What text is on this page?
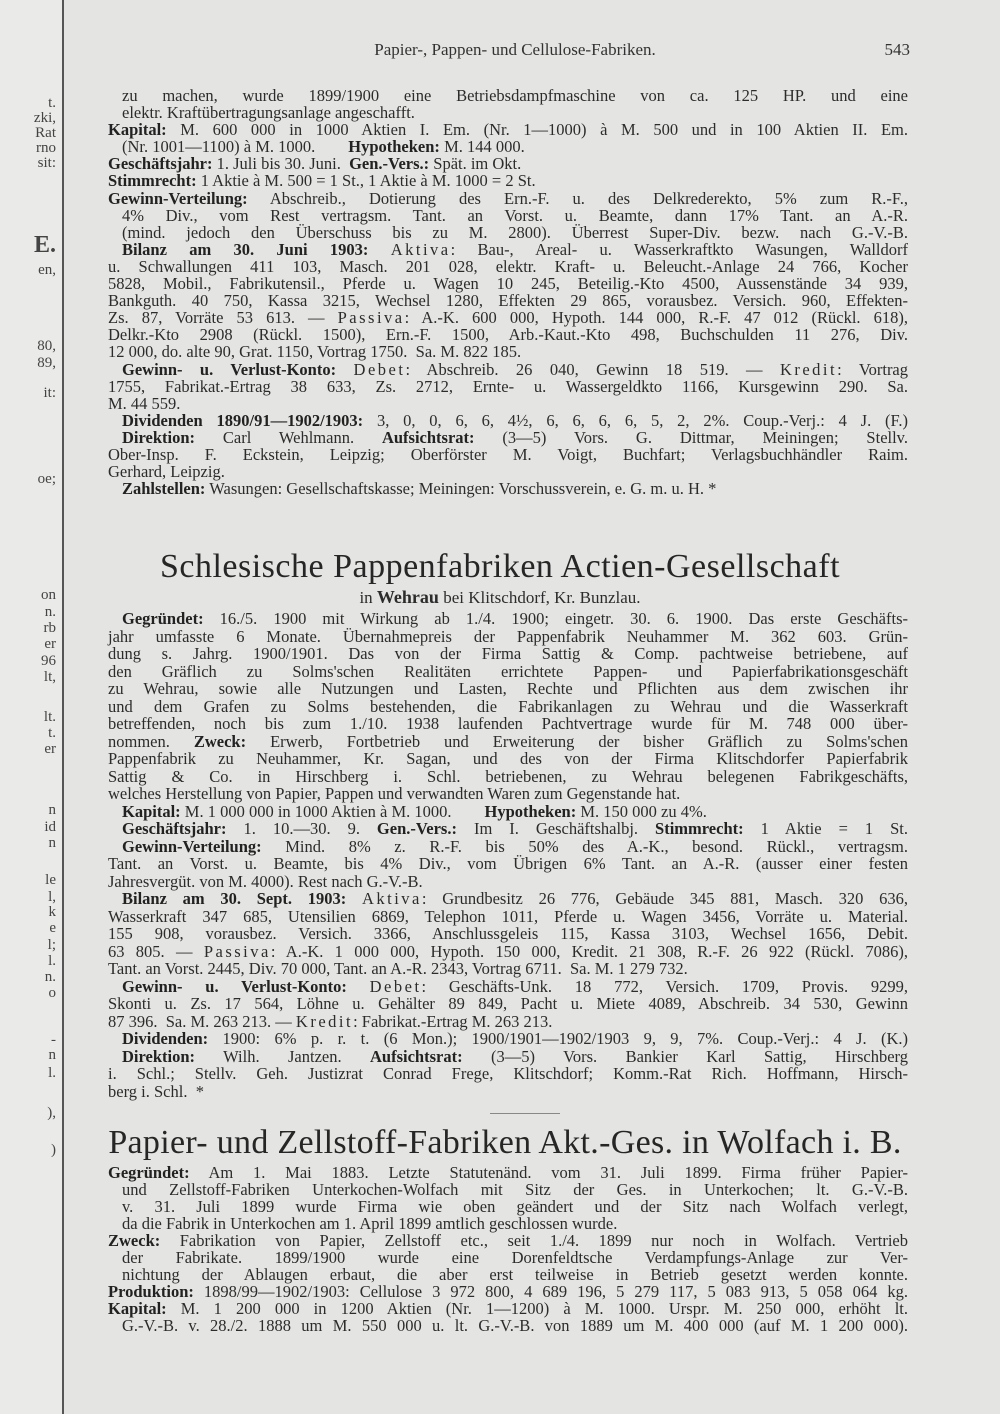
t.
zki,
Rat
rno
sit:
E.
en,
80,
89,
it:
oe;
on
n.
rb
er
96
lt,
lt.
t.
er
n
id
n
le
l,
k
e
l;
l.
n.
o
-
n
l.
),
)
Papier-, Pappen- und Cellulose-Fabriken.	543
zu machen, wurde 1899/1900 eine Betriebsdampfmaschine von ca. 125 HP. und eine
elektr. Kraftübertragungsanlage angeschafft.
Kapital: M. 600 000 in 1000 Aktien I. Em. (Nr. 1—1000) à M. 500 und in 100 Aktien II. Em.
(Nr. 1001—1100) à M. 1000.        Hypotheken: M. 144 000.
Geschäftsjahr: 1. Juli bis 30. Juni.  Gen.-Vers.: Spät. im Okt.
Stimmrecht: 1 Aktie à M. 500 = 1 St., 1 Aktie à M. 1000 = 2 St.
Gewinn-Verteilung: Abschreib., Dotierung des Ern.-F. u. des Delkrederekto, 5% zum R.-F.,
4% Div., vom Rest vertragsm. Tant. an Vorst. u. Beamte, dann 17% Tant. an A.-R.
(mind. jedoch den Überschuss bis zu M. 2800). Überrest Super-Div. bezw. nach G.-V.-B.
Bilanz am 30. Juni 1903: Aktiva: Bau-, Areal- u. Wasserkraftkto Wasungen, Walldorf
u. Schwallungen 411 103, Masch. 201 028, elektr. Kraft- u. Beleucht.-Anlage 24 766, Kocher
5828, Mobil., Fabrikutensil., Pferde u. Wagen 10 245, Beteilig.-Kto 4500, Aussenstände 34 939,
Bankguth. 40 750, Kassa 3215, Wechsel 1280, Effekten 29 865, vorausbez. Versich. 960, Effekten-
Zs. 87, Vorräte 53 613. — Passiva: A.-K. 600 000, Hypoth. 144 000, R.-F. 47 012 (Rückl. 618),
Delkr.-Kto 2908 (Rückl. 1500), Ern.-F. 1500, Arb.-Kaut.-Kto 498, Buchschulden 11 276, Div.
12 000, do. alte 90, Grat. 1150, Vortrag 1750.  Sa. M. 822 185.
Gewinn- u. Verlust-Konto: Debet: Abschreib. 26 040, Gewinn 18 519. — Kredit: Vortrag
1755, Fabrikat.-Ertrag 38 633, Zs. 2712, Ernte- u. Wassergeldkto 1166, Kursgewinn 290. Sa.
M. 44 559.
Dividenden 1890/91—1902/1903: 3, 0, 0, 6, 6, 4½, 6, 6, 6, 6, 5, 2, 2%. Coup.-Verj.: 4 J. (F.)
Direktion: Carl Wehlmann. Aufsichtsrat: (3—5) Vors. G. Dittmar, Meiningen; Stellv.
Ober-Insp. F. Eckstein, Leipzig; Oberförster M. Voigt, Buchfart; Verlagsbuchhändler Raim.
Gerhard, Leipzig.
Zahlstellen: Wasungen: Gesellschaftskasse; Meiningen: Vorschussverein, e. G. m. u. H. *
Schlesische Pappenfabriken Actien-Gesellschaft
in Wehrau bei Klitschdorf, Kr. Bunzlau.
Gegründet: 16./5. 1900 mit Wirkung ab 1./4. 1900; eingetr. 30. 6. 1900. Das erste Geschäfts-
jahr umfasste 6 Monate. Übernahmepreis der Pappenfabrik Neuhammer M. 362 603. Grün-
dung s. Jahrg. 1900/1901. Das von der Firma Sattig & Comp. pachtweise betriebene, auf
den Gräflich zu Solms'schen Realitäten errichtete Pappen- und Papierfabrikationsgeschäft
zu Wehrau, sowie alle Nutzungen und Lasten, Rechte und Pflichten aus dem zwischen ihr
und dem Grafen zu Solms bestehenden, die Fabrikanlagen zu Wehrau und die Wasserkraft
betreffenden, noch bis zum 1./10. 1938 laufenden Pachtvertrage wurde für M. 748 000 über-
nommen. Zweck: Erwerb, Fortbetrieb und Erweiterung der bisher Gräflich zu Solms'schen
Pappenfabrik zu Neuhammer, Kr. Sagan, und des von der Firma Klitschdorfer Papierfabrik
Sattig & Co. in Hirschberg i. Schl. betriebenen, zu Wehrau belegenen Fabrikgeschäfts,
welches Herstellung von Papier, Pappen und verwandten Waren zum Gegenstande hat.
Kapital: M. 1 000 000 in 1000 Aktien à M. 1000.        Hypotheken: M. 150 000 zu 4%.
Geschäftsjahr: 1. 10.—30. 9. Gen.-Vers.: Im I. Geschäftshalbj. Stimmrecht: 1 Aktie = 1 St.
Gewinn-Verteilung: Mind. 8% z. R.-F. bis 50% des A.-K., besond. Rückl., vertragsm.
Tant. an Vorst. u. Beamte, bis 4% Div., vom Übrigen 6% Tant. an A.-R. (ausser einer festen
Jahresvergüt. von M. 4000). Rest nach G.-V.-B.
Bilanz am 30. Sept. 1903: Aktiva: Grundbesitz 26 776, Gebäude 345 881, Masch. 320 636,
Wasserkraft 347 685, Utensilien 6869, Telephon 1011, Pferde u. Wagen 3456, Vorräte u. Material.
155 908, vorausbez. Versich. 3366, Anschlussgeleis 115, Kassa 3103, Wechsel 1656, Debit.
63 805. — Passiva: A.-K. 1 000 000, Hypoth. 150 000, Kredit. 21 308, R.-F. 26 922 (Rückl. 7086),
Tant. an Vorst. 2445, Div. 70 000, Tant. an A.-R. 2343, Vortrag 6711.  Sa. M. 1 279 732.
Gewinn- u. Verlust-Konto: Debet: Geschäfts-Unk. 18 772, Versich. 1709, Provis. 9299,
Skonti u. Zs. 17 564, Löhne u. Gehälter 89 849, Pacht u. Miete 4089, Abschreib. 34 530, Gewinn
87 396.  Sa. M. 263 213. — Kredit: Fabrikat.-Ertrag M. 263 213.
Dividenden: 1900: 6% p. r. t. (6 Mon.); 1900/1901—1902/1903 9, 9, 7%. Coup.-Verj.: 4 J. (K.)
Direktion: Wilh. Jantzen. Aufsichtsrat: (3—5) Vors. Bankier Karl Sattig, Hirschberg
i. Schl.; Stellv. Geh. Justizrat Conrad Frege, Klitschdorf; Komm.-Rat Rich. Hoffmann, Hirsch-
berg i. Schl.  *
Papier- und Zellstoff-Fabriken Akt.-Ges. in Wolfach i. B.
Gegründet: Am 1. Mai 1883. Letzte Statutenänd. vom 31. Juli 1899. Firma früher Papier-
und Zellstoff-Fabriken Unterkochen-Wolfach mit Sitz der Ges. in Unterkochen; lt. G.-V.-B.
v. 31. Juli 1899 wurde Firma wie oben geändert und der Sitz nach Wolfach verlegt,
da die Fabrik in Unterkochen am 1. April 1899 amtlich geschlossen wurde.
Zweck: Fabrikation von Papier, Zellstoff etc., seit 1./4. 1899 nur noch in Wolfach. Vertrieb
der Fabrikate. 1899/1900 wurde eine Dorenfeldtsche Verdampfungs-Anlage zur Ver-
nichtung der Ablaugen erbaut, die aber erst teilweise in Betrieb gesetzt werden konnte.
Produktion: 1898/99—1902/1903: Cellulose 3 972 800, 4 689 196, 5 279 117, 5 083 913, 5 058 064 kg.
Kapital: M. 1 200 000 in 1200 Aktien (Nr. 1—1200) à M. 1000. Urspr. M. 250 000, erhöht lt.
G.-V.-B. v. 28./2. 1888 um M. 550 000 u. lt. G.-V.-B. von 1889 um M. 400 000 (auf M. 1 200 000).
